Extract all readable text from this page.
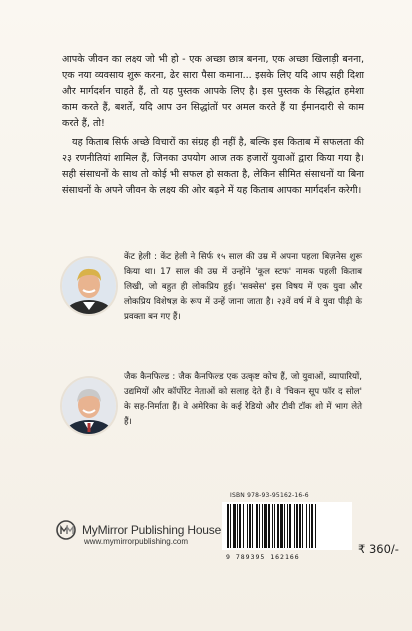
आपके जीवन का लक्ष्य जो भी हो - एक अच्छा छात्र बनना, एक अच्छा खिलाड़ी बनना, एक नया व्यवसाय शुरू करना, ढेर सारा पैसा कमाना... इसके लिए यदि आप सही दिशा और मार्गदर्शन चाहते हैं, तो यह पुस्तक आपके लिए है। इस पुस्तक के सिद्धांत हमेशा काम करते हैं, बशर्ते, यदि आप उन सिद्धांतों पर अमल करते हैं या ईमानदारी से काम करते हैं, तो!

यह किताब सिर्फ अच्छे विचारों का संग्रह ही नहीं है, बल्कि इस किताब में सफलता की २३ रणनीतियां शामिल हैं, जिनका उपयोग आज तक हजारों युवाओं द्वारा किया गया है। सही संसाधनों के साथ तो कोई भी सफल हो सकता है, लेकिन सीमित संसाधनों या बिना संसाधनों के अपने जीवन के लक्ष्य की ओर बढ़ने में यह किताब आपका मार्गदर्शन करेगी।

केंट हेली : केंट हेली ने सिर्फ १५ साल की उम्र में अपना पहला बिज़नेस शुरू किया था। 17 साल की उम्र में उन्होंने 'कूल स्टफ' नामक पहली किताब लिखी, जो बहुत ही लोकप्रिय हुई। 'सक्सेस' इस विषय में एक युवा और लोकप्रिय विशेषज्ञ के रूप में उन्हें जाना जाता है। २३वें वर्ष में वे युवा पीढ़ी के प्रवक्ता बन गए हैं।
जैक कैनफिल्ड : जैक कैनफिल्ड एक उत्कृष्ट कोच हैं, जो युवाओं, व्यापारियों, उद्यमियों और कॉर्पोरेट नेताओं को सलाह देते हैं। वे 'चिकन सूप फॉर द सोल' के सह-निर्माता हैं। वे अमेरिका के कई रेडियो और टीवी टॉक शो में भाग लेते हैं।
MyMirror Publishing House
www.mymirrorpublishing.com
ISBN 978-93-95162-16-6
9 789395 162166
₹ 360/-
